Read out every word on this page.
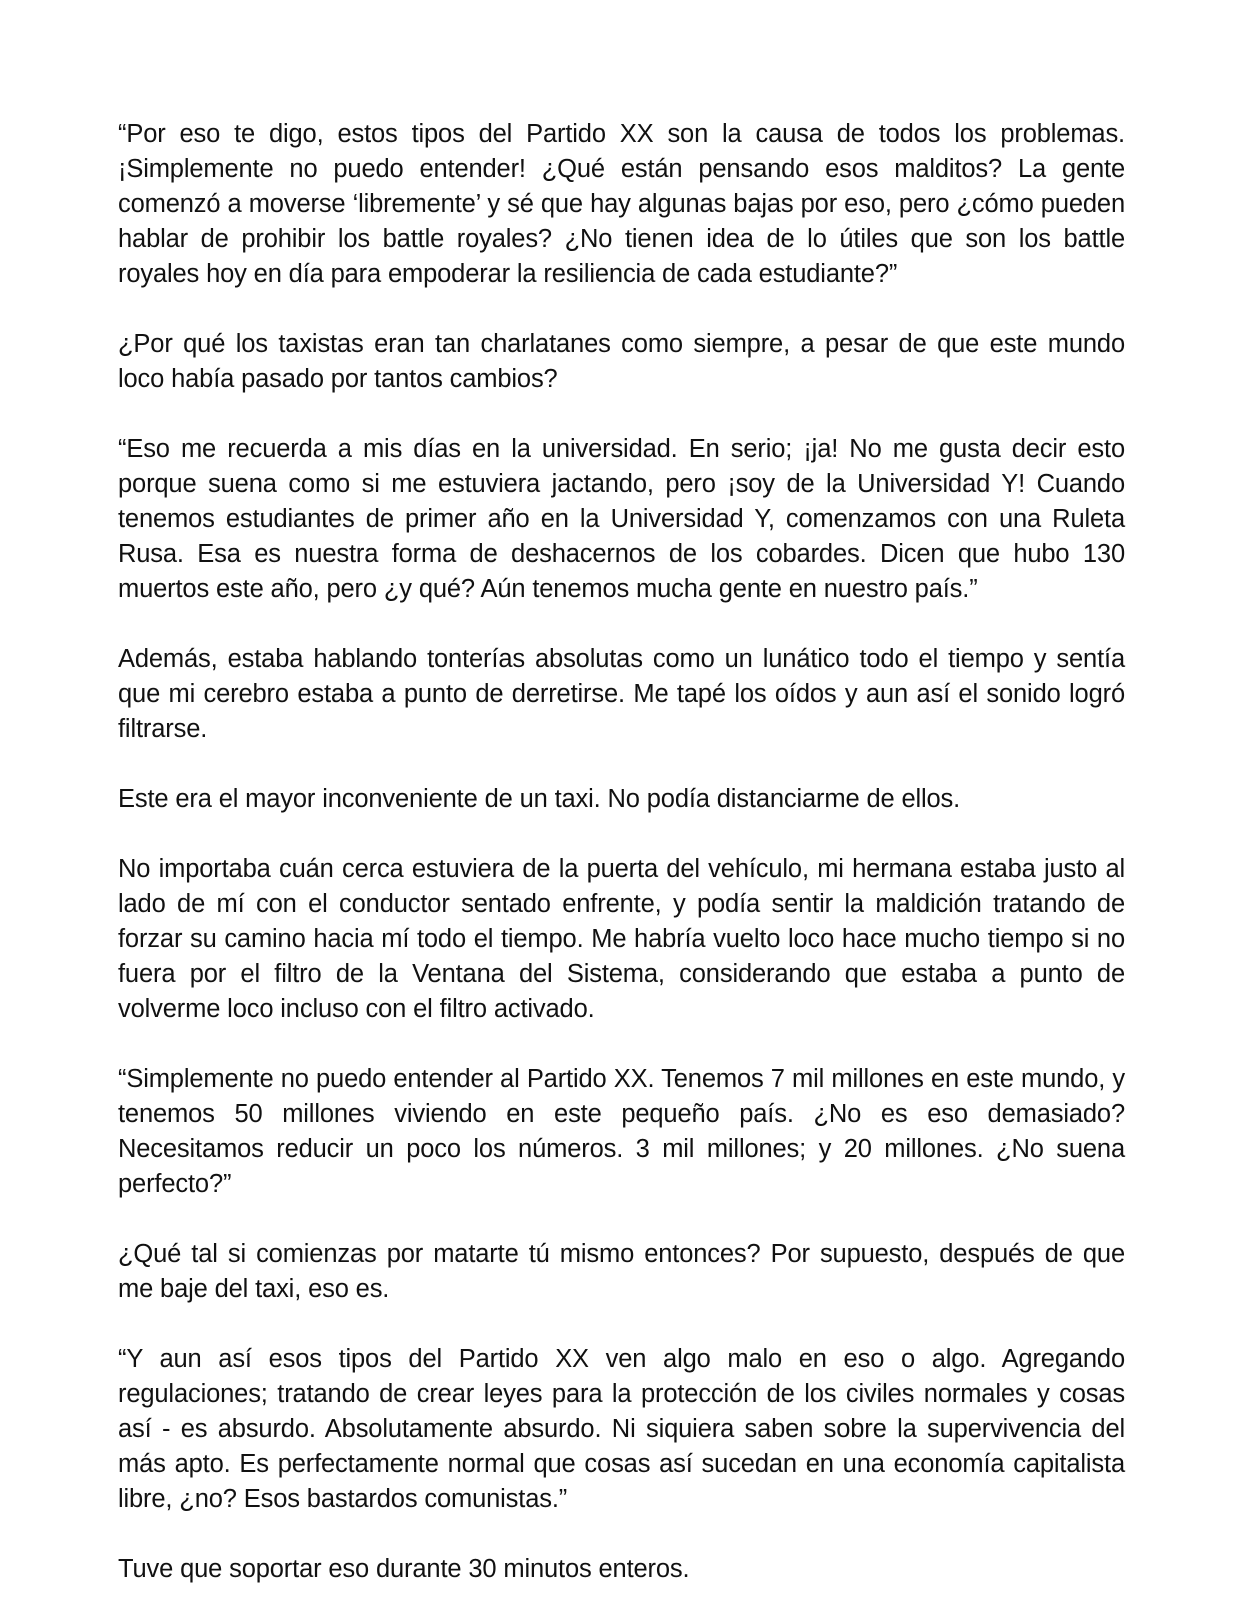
“Por eso te digo, estos tipos del Partido XX son la causa de todos los problemas. ¡Simplemente no puedo entender! ¿Qué están pensando esos malditos? La gente comenzó a moverse ‘libremente’ y sé que hay algunas bajas por eso, pero ¿cómo pueden hablar de prohibir los battle royales? ¿No tienen idea de lo útiles que son los battle royales hoy en día para empoderar la resiliencia de cada estudiante?”

¿Por qué los taxistas eran tan charlatanes como siempre, a pesar de que este mundo loco había pasado por tantos cambios?

“Eso me recuerda a mis días en la universidad. En serio; ¡ja! No me gusta decir esto porque suena como si me estuviera jactando, pero ¡soy de la Universidad Y! Cuando tenemos estudiantes de primer año en la Universidad Y, comenzamos con una Ruleta Rusa. Esa es nuestra forma de deshacernos de los cobardes. Dicen que hubo 130 muertos este año, pero ¿y qué? Aún tenemos mucha gente en nuestro país.”

Además, estaba hablando tonterías absolutas como un lunático todo el tiempo y sentía que mi cerebro estaba a punto de derretirse. Me tapé los oídos y aun así el sonido logró filtrarse.

Este era el mayor inconveniente de un taxi. No podía distanciarme de ellos.

No importaba cuán cerca estuviera de la puerta del vehículo, mi hermana estaba justo al lado de mí con el conductor sentado enfrente, y podía sentir la maldición tratando de forzar su camino hacia mí todo el tiempo. Me habría vuelto loco hace mucho tiempo si no fuera por el filtro de la Ventana del Sistema, considerando que estaba a punto de volverme loco incluso con el filtro activado.

“Simplemente no puedo entender al Partido XX. Tenemos 7 mil millones en este mundo, y tenemos 50 millones viviendo en este pequeño país. ¿No es eso demasiado? Necesitamos reducir un poco los números. 3 mil millones; y 20 millones. ¿No suena perfecto?”

¿Qué tal si comienzas por matarte tú mismo entonces? Por supuesto, después de que me baje del taxi, eso es.

“Y aun así esos tipos del Partido XX ven algo malo en eso o algo. Agregando regulaciones; tratando de crear leyes para la protección de los civiles normales y cosas así - es absurdo. Absolutamente absurdo. Ni siquiera saben sobre la supervivencia del más apto. Es perfectamente normal que cosas así sucedan en una economía capitalista libre, ¿no? Esos bastardos comunistas.”

Tuve que soportar eso durante 30 minutos enteros.
